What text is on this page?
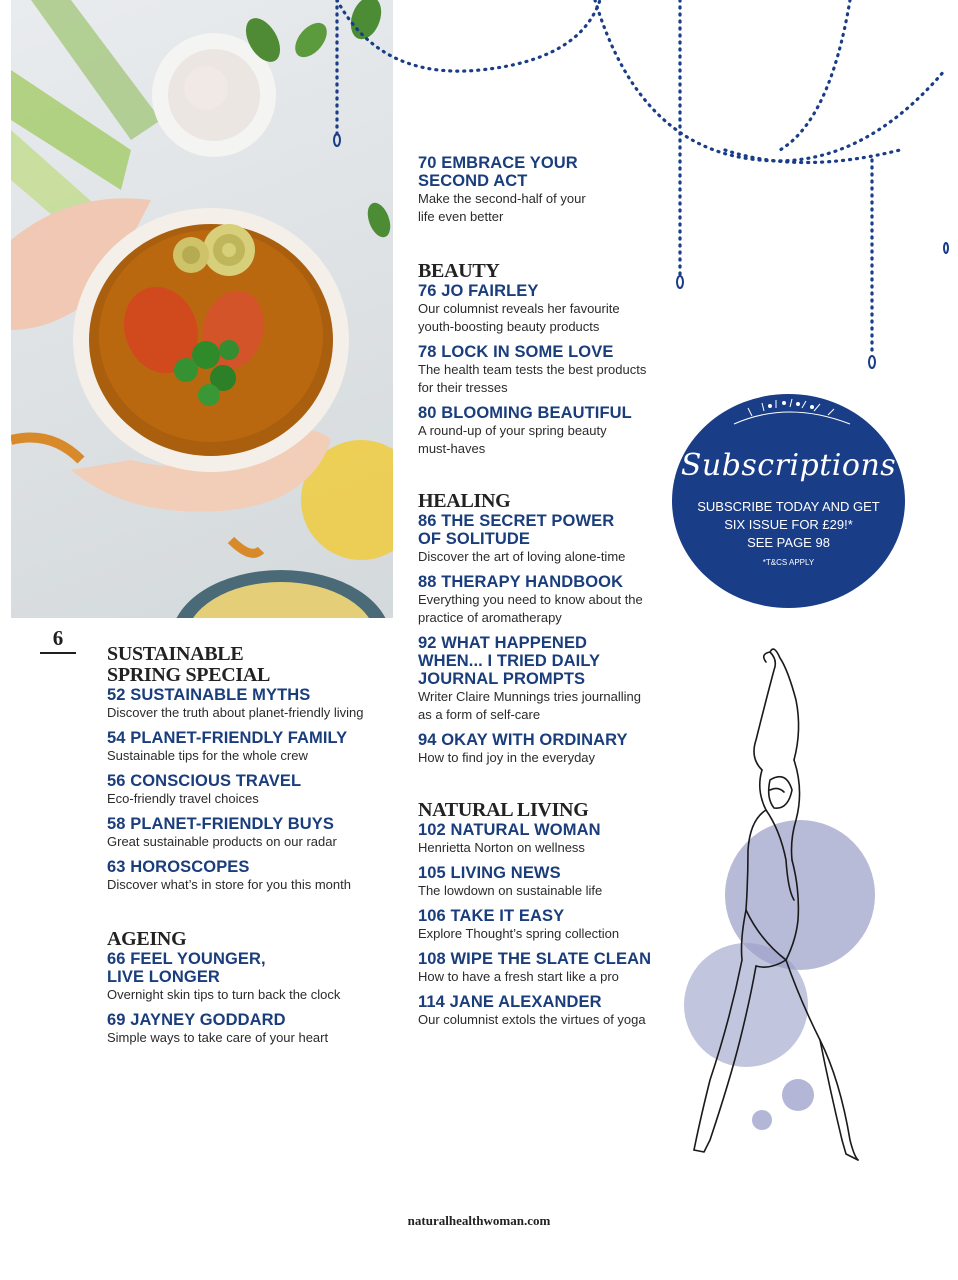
6
SUSTAINABLE
SPRING SPECIAL
52 SUSTAINABLE MYTHS
Discover the truth about planet-friendly living
54 PLANET-FRIENDLY FAMILY
Sustainable tips for the whole crew
56 CONSCIOUS TRAVEL
Eco-friendly travel choices
58 PLANET-FRIENDLY BUYS
Great sustainable products on our radar
63 HOROSCOPES
Discover what’s in store for you this month
AGEING
66 FEEL YOUNGER,
LIVE LONGER
Overnight skin tips to turn back the clock
69 JAYNEY GODDARD
Simple ways to take care of your heart
70 EMBRACE YOUR
SECOND ACT
Make the second-half of your
life even better
BEAUTY
76 JO FAIRLEY
Our columnist reveals her favourite
youth-boosting beauty products
78 LOCK IN SOME LOVE
The health team tests the best products
for their tresses
80 BLOOMING BEAUTIFUL
A round-up of your spring beauty
must-haves
HEALING
86 THE SECRET POWER
OF SOLITUDE
Discover the art of loving alone-time
88 THERAPY HANDBOOK
Everything you need to know about the
practice of aromatherapy
92 WHAT HAPPENED
WHEN... I TRIED DAILY
JOURNAL PROMPTS
Writer Claire Munnings tries journalling
as a form of self-care
94 OKAY WITH ORDINARY
How to find joy in the everyday
NATURAL LIVING
102 NATURAL WOMAN
Henrietta Norton on wellness
105 LIVING NEWS
The lowdown on sustainable life
106 TAKE IT EASY
Explore Thought’s spring collection
108 WIPE THE SLATE CLEAN
How to have a fresh start like a pro
114 JANE ALEXANDER
Our columnist extols the virtues of yoga
Subscriptions
SUBSCRIBE TODAY AND GET
SIX ISSUE FOR £29!*
SEE PAGE 98
*T&CS APPLY
naturalhealthwoman.com
